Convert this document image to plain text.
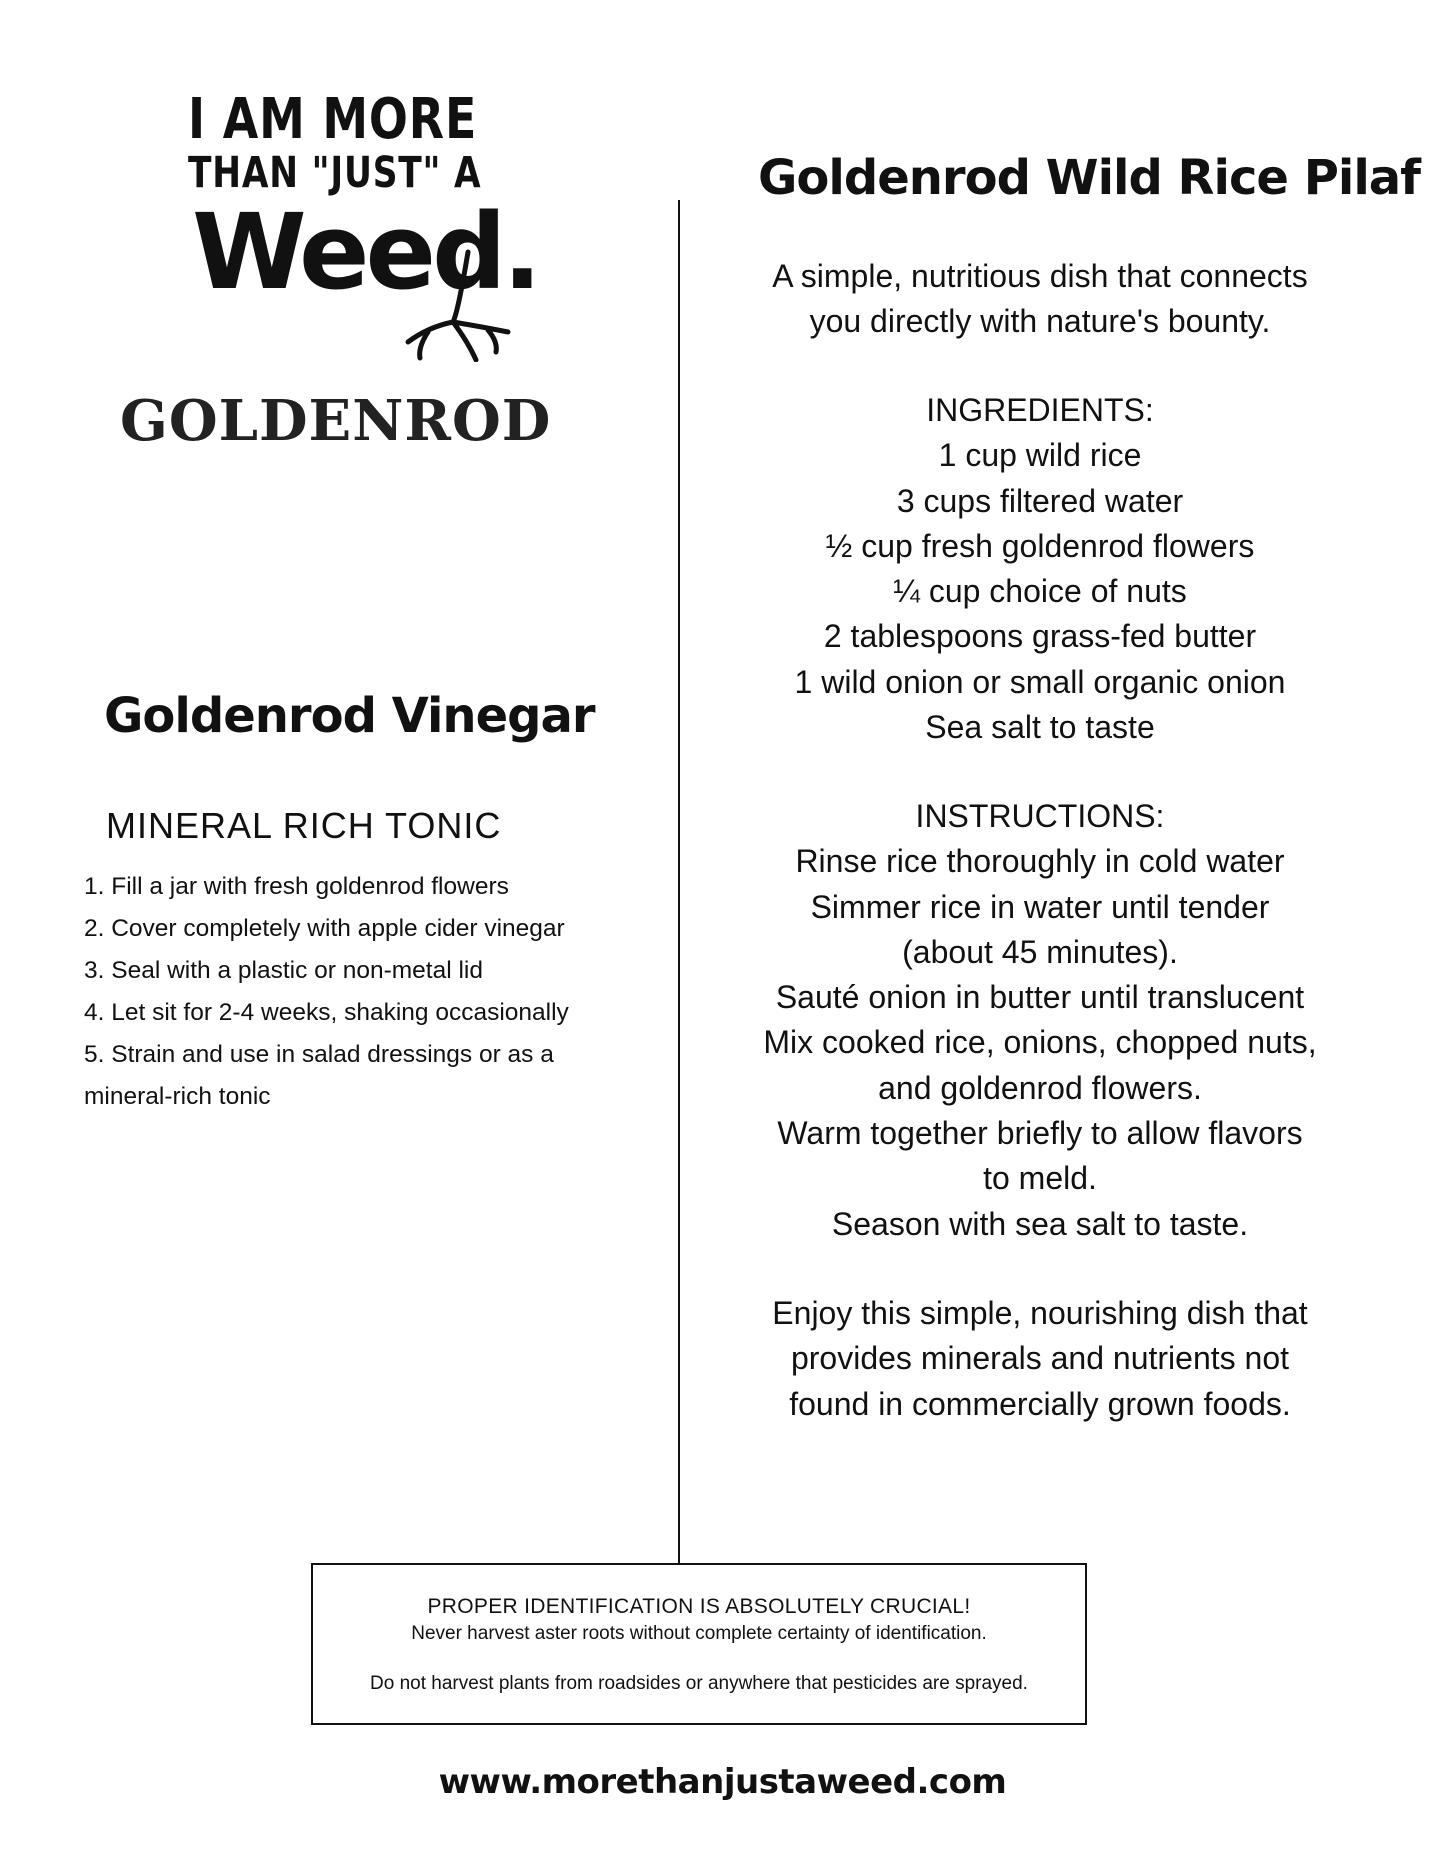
I AM MORE
THAN "JUST" A
Weed.
GOLDENROD
Goldenrod Vinegar
MINERAL RICH TONIC
1. Fill a jar with fresh goldenrod flowers
2. Cover completely with apple cider vinegar
3. Seal with a plastic or non-metal lid
4. Let sit for 2-4 weeks, shaking occasionally
5. Strain and use in salad dressings or as a
mineral-rich tonic
Goldenrod Wild Rice Pilaf
A simple, nutritious dish that connects
you directly with nature's bounty.
INGREDIENTS:
1 cup wild rice
3 cups filtered water
½ cup fresh goldenrod flowers
¼ cup choice of nuts
2 tablespoons grass-fed butter
1 wild onion or small organic onion
Sea salt to taste
INSTRUCTIONS:
Rinse rice thoroughly in cold water
Simmer rice in water until tender
(about 45 minutes).
Sauté onion in butter until translucent
Mix cooked rice, onions, chopped nuts,
and goldenrod flowers.
Warm together briefly to allow flavors
to meld.
Season with sea salt to taste.
Enjoy this simple, nourishing dish that
provides minerals and nutrients not
found in commercially grown foods.
PROPER IDENTIFICATION IS ABSOLUTELY CRUCIAL!
Never harvest aster roots without complete certainty of identification.
Do not harvest plants from roadsides or anywhere that pesticides are sprayed.
www.morethanjustaweed.com
